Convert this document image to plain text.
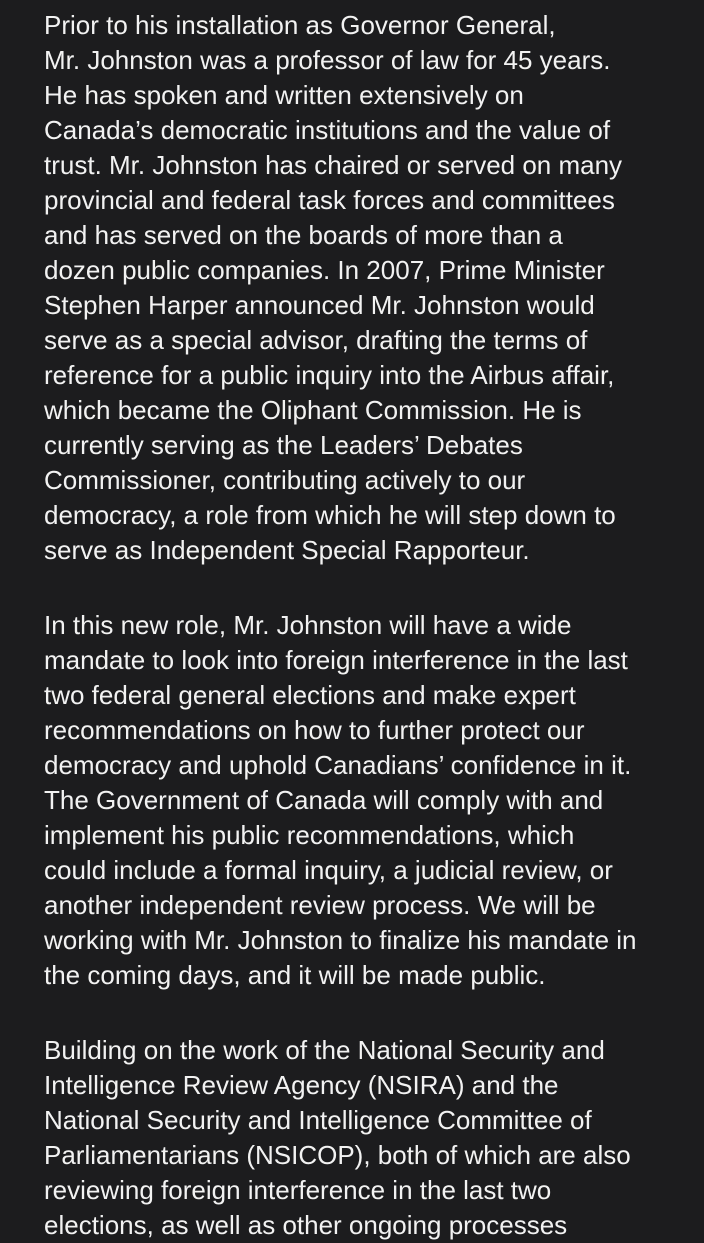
Prior to his installation as Governor General,
Mr. Johnston was a professor of law for 45 years.
He has spoken and written extensively on
Canada’s democratic institutions and the value of
trust. Mr. Johnston has chaired or served on many
provincial and federal task forces and committees
and has served on the boards of more than a
dozen public companies. In 2007, Prime Minister
Stephen Harper announced Mr. Johnston would
serve as a special advisor, drafting the terms of
reference for a public inquiry into the Airbus affair,
which became the Oliphant Commission. He is
currently serving as the Leaders’ Debates
Commissioner, contributing actively to our
democracy, a role from which he will step down to
serve as Independent Special Rapporteur.

In this new role, Mr. Johnston will have a wide
mandate to look into foreign interference in the last
two federal general elections and make expert
recommendations on how to further protect our
democracy and uphold Canadians’ confidence in it.
The Government of Canada will comply with and
implement his public recommendations, which
could include a formal inquiry, a judicial review, or
another independent review process. We will be
working with Mr. Johnston to finalize his mandate in
the coming days, and it will be made public.

Building on the work of the National Security and
Intelligence Review Agency (NSIRA) and the
National Security and Intelligence Committee of
Parliamentarians (NSICOP), both of which are also
reviewing foreign interference in the last two
elections, as well as other ongoing processes
